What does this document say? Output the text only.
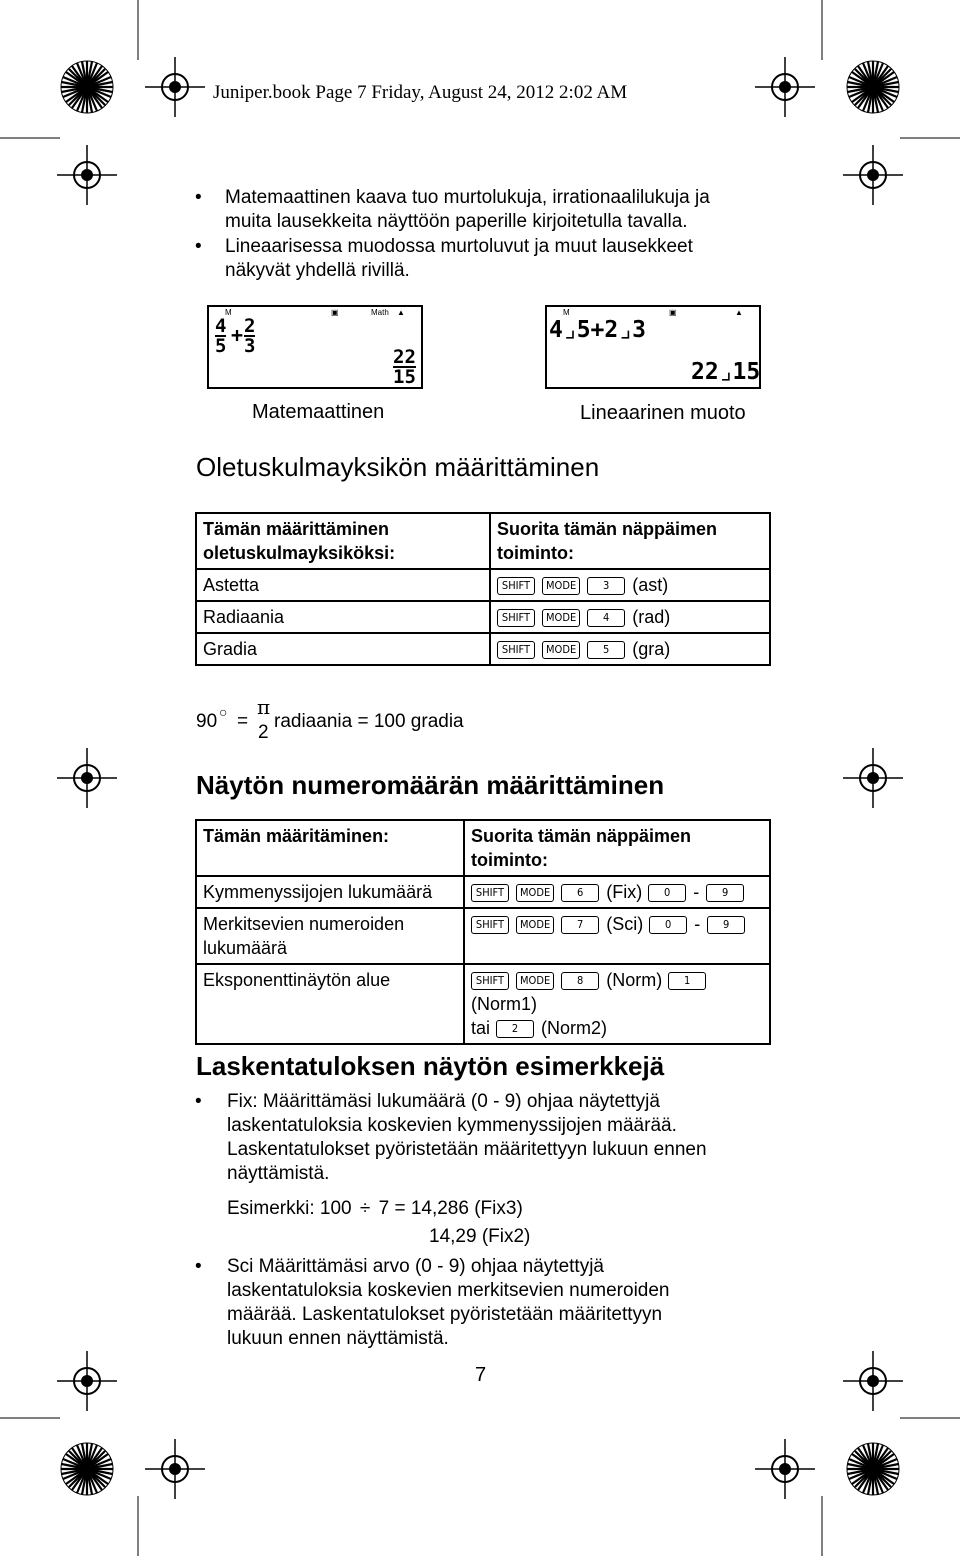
Juniper.book Page 7 Friday, August 24, 2012 2:02 AM
• Matemaattinen kaava tuo murtolukuja, irrationaalilukuja ja
muita lausekkeita näyttöön paperille kirjoitetulla tavalla.
• Lineaarisessa muodossa murtoluvut ja muut lausekkeet
näkyvät yhdellä rivillä.
M	▣	Math ▲
4
5 + 2
3	22
15
Matemaattinen
M	▣	▲
4⌟5+2⌟3
22⌟15
Lineaarinen muoto
Oletuskulmayksikön määrittäminen
Tämän määrittäminen oletuskulmayksiköksi:	Suorita tämän näppäimen toiminto:
Astetta	SHIFT MODE 3 (ast)
Radiaania	SHIFT MODE 4 (rad)
Gradia	SHIFT MODE 5 (gra)
90 ○ =
π
2
radiaania = 100 gradia
Näytön numeromäärän määrittäminen
Tämän määritäminen:	Suorita tämän näppäimen toiminto:
Kymmenyssijojen lukumäärä	SHIFT MODE 6 (Fix) 0 - 9
Merkitsevien numeroiden lukumäärä	SHIFT MODE 7 (Sci) 0 - 9
Eksponenttinäytön alue	SHIFT MODE 8 (Norm) 1(Norm1)
tai 2 (Norm2)
Laskentatuloksen näytön esimerkkejä
• Fix: Määrittämäsi lukumäärä (0 - 9) ohjaa näytettyjä
laskentatuloksia koskevien kymmenyssijojen määrää.
Laskentatulokset pyöristetään määritettyyn lukuun ennen
näyttämistä.
Esimerkki: 100 ÷ 7 = 14,286 (Fix3)
14,29 (Fix2)
• Sci Määrittämäsi arvo (0 - 9) ohjaa näytettyjä
laskentatuloksia koskevien merkitsevien numeroiden
määrää. Laskentatulokset pyöristetään määritettyyn
lukuun ennen näyttämistä.
7
